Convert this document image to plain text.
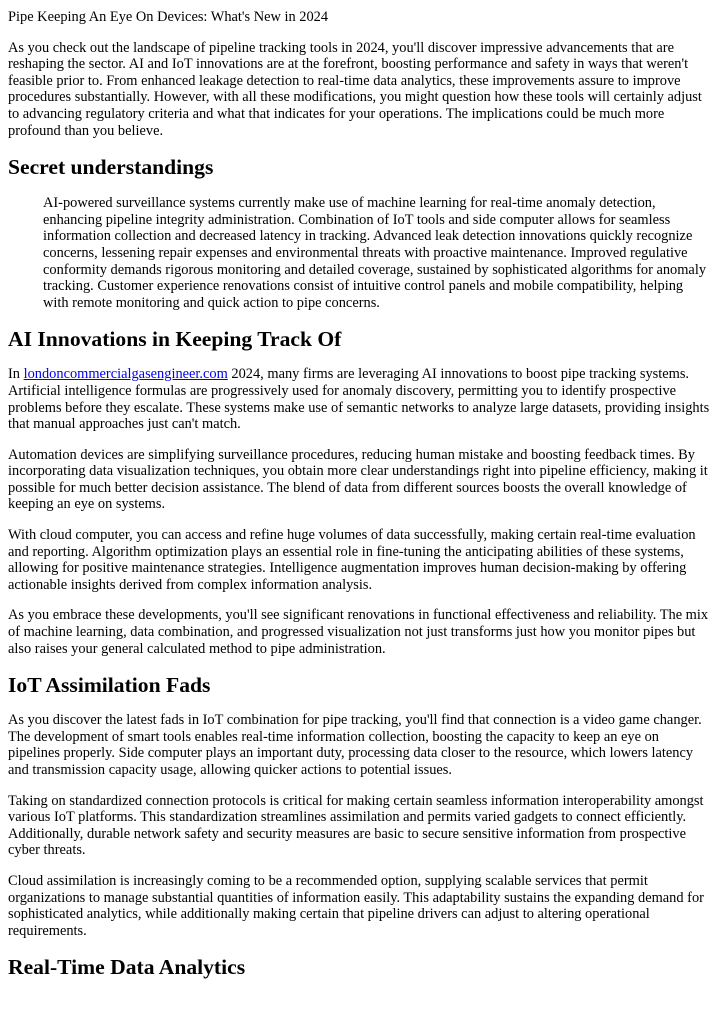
Pipe Keeping An Eye On Devices: What's New in 2024

As you check out the landscape of pipeline tracking tools in 2024, you'll discover impressive advancements that are reshaping the sector. AI and IoT innovations are at the forefront, boosting performance and safety in ways that weren't feasible prior to. From enhanced leakage detection to real-time data analytics, these improvements assure to improve procedures substantially. However, with all these modifications, you might question how these tools will certainly adjust to advancing regulatory criteria and what that indicates for your operations. The implications could be much more profound than you believe.

Secret understandings
AI-powered surveillance systems currently make use of machine learning for real-time anomaly detection, enhancing pipeline integrity administration. Combination of IoT tools and side computer allows for seamless information collection and decreased latency in tracking. Advanced leak detection innovations quickly recognize concerns, lessening repair expenses and environmental threats with proactive maintenance. Improved regulative conformity demands rigorous monitoring and detailed coverage, sustained by sophisticated algorithms for anomaly tracking. Customer experience renovations consist of intuitive control panels and mobile compatibility, helping with remote monitoring and quick action to pipe concerns.
AI Innovations in Keeping Track Of

In londoncommercialgasengineer.com 2024, many firms are leveraging AI innovations to boost pipe tracking systems. Artificial intelligence formulas are progressively used for anomaly discovery, permitting you to identify prospective problems before they escalate. These systems make use of semantic networks to analyze large datasets, providing insights that manual approaches just can't match.

Automation devices are simplifying surveillance procedures, reducing human mistake and boosting feedback times. By incorporating data visualization techniques, you obtain more clear understandings right into pipeline efficiency, making it possible for much better decision assistance. The blend of data from different sources boosts the overall knowledge of keeping an eye on systems.

With cloud computer, you can access and refine huge volumes of data successfully, making certain real-time evaluation and reporting. Algorithm optimization plays an essential role in fine-tuning the anticipating abilities of these systems, allowing for positive maintenance strategies. Intelligence augmentation improves human decision-making by offering actionable insights derived from complex information analysis.

As you embrace these developments, you'll see significant renovations in functional effectiveness and reliability. The mix of machine learning, data combination, and progressed visualization not just transforms just how you monitor pipes but also raises your general calculated method to pipe administration.

IoT Assimilation Fads

As you discover the latest fads in IoT combination for pipe tracking, you'll find that connection is a video game changer. The development of smart tools enables real-time information collection, boosting the capacity to keep an eye on pipelines properly. Side computer plays an important duty, processing data closer to the resource, which lowers latency and transmission capacity usage, allowing quicker actions to potential issues.

Taking on standardized connection protocols is critical for making certain seamless information interoperability amongst various IoT platforms. This standardization streamlines assimilation and permits varied gadgets to connect efficiently. Additionally, durable network safety and security measures are basic to secure sensitive information from prospective cyber threats.

Cloud assimilation is increasingly coming to be a recommended option, supplying scalable services that permit organizations to manage substantial quantities of information easily. This adaptability sustains the expanding demand for sophisticated analytics, while additionally making certain that pipeline drivers can adjust to altering operational requirements.

Real-Time Data Analytics
